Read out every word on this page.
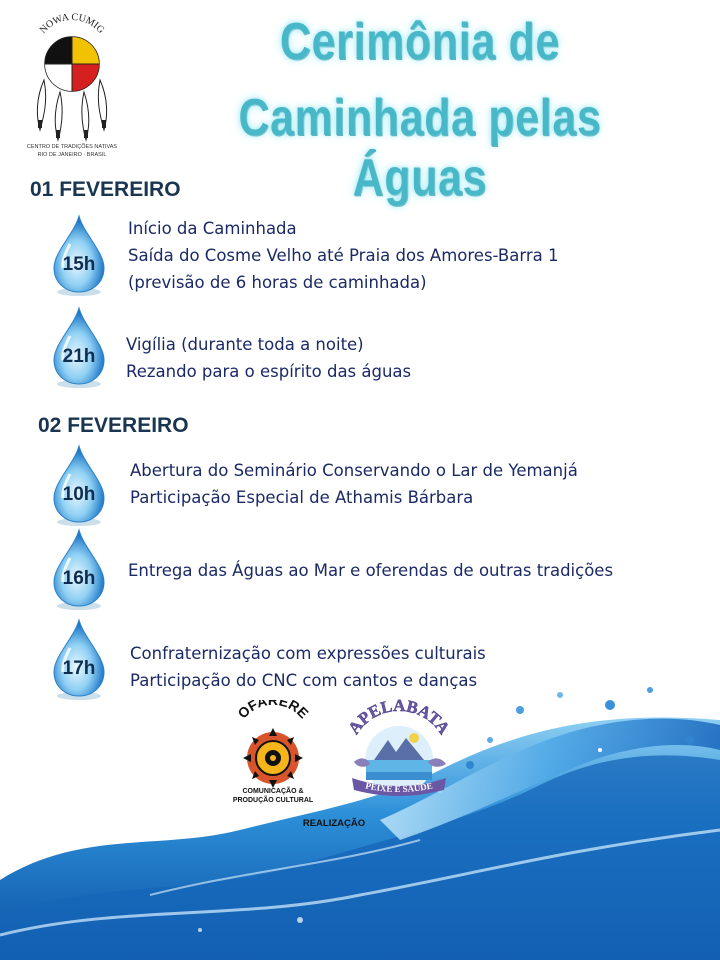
NOWA CUMIG
CENTRO DE TRADIÇÕES NATIVAS
RIO DE JANEIRO · BRASIL
Cerimônia de
Caminhada pelas Águas
01 FEVEREIRO
02 FEVEREIRO
15h
Início da Caminhada
Saída do Cosme Velho até Praia dos Amores-Barra 1
(previsão de 6 horas de caminhada)
21h
Vigília (durante toda a noite)
Rezando para o espírito das águas
10h
Abertura do Seminário Conservando o Lar de Yemanjá
Participação Especial de Athamis Bárbara
16h	Entrega das Águas ao Mar e oferendas de outras tradições
17h
Confraternização com expressões culturais
Participação do CNC com cantos e danças
OFARERE
COMUNICAÇÃO &
PRODUÇÃO CULTURAL
APELABATA
PEIXE E SAÚDE
REALIZAÇÃO
